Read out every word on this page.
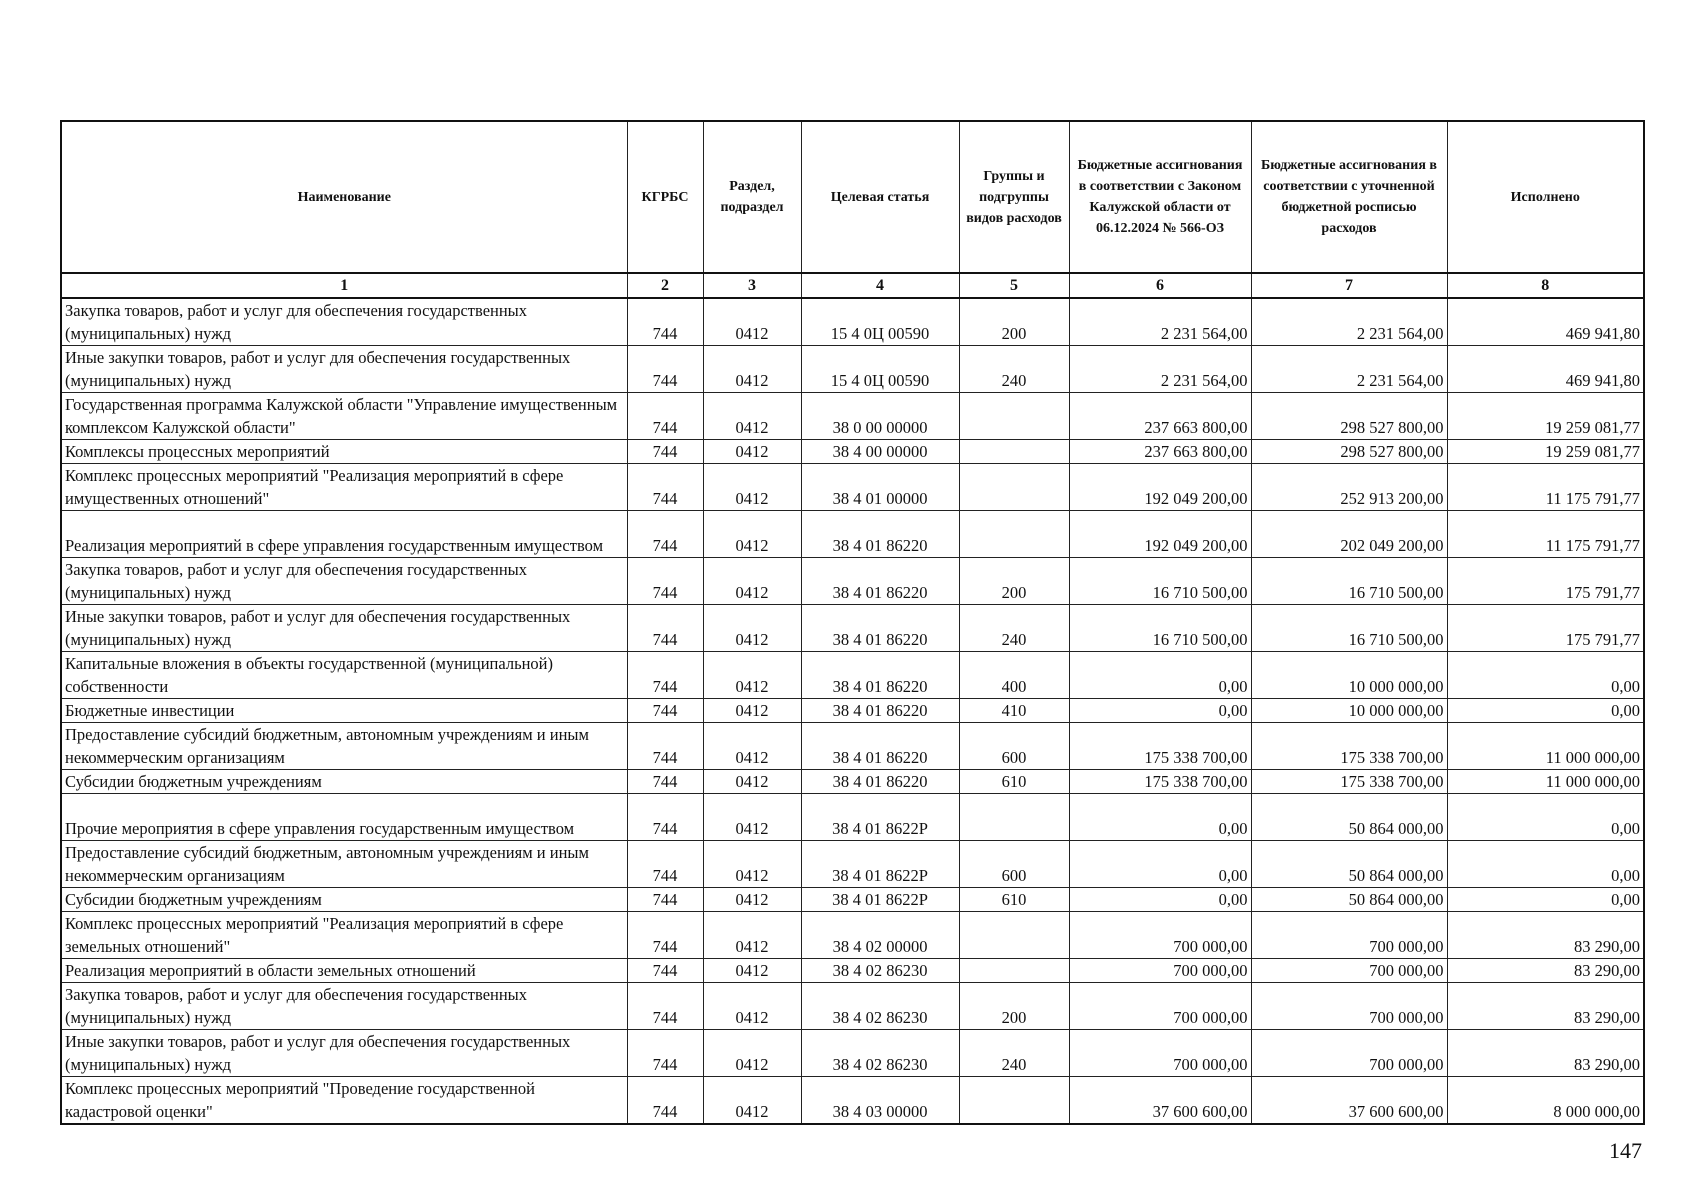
Наименование	КГРБС	Раздел, подраздел	Целевая статья	Группы и подгруппы видов расходов	Бюджетные ассигнования в соответствии с Законом Калужской области от 06.12.2024 № 566-ОЗ	Бюджетные ассигнования в соответствии с уточненной бюджетной росписью расходов	Исполнено
1	2	3	4	5	6	7	8
Закупка товаров, работ и услуг для обеспечения государственных (муниципальных) нужд	744	0412	15 4 0Ц 00590	200	2 231 564,00	2 231 564,00	469 941,80
Иные закупки товаров, работ и услуг для обеспечения государственных (муниципальных) нужд	744	0412	15 4 0Ц 00590	240	2 231 564,00	2 231 564,00	469 941,80
Государственная программа Калужской области "Управление имущественным комплексом Калужской области"	744	0412	38 0 00 00000		237 663 800,00	298 527 800,00	19 259 081,77
Комплексы процессных мероприятий	744	0412	38 4 00 00000		237 663 800,00	298 527 800,00	19 259 081,77
Комплекс процессных мероприятий "Реализация мероприятий в сфере имущественных отношений"	744	0412	38 4 01 00000		192 049 200,00	252 913 200,00	11 175 791,77
Реализация мероприятий в сфере управления государственным имуществом	744	0412	38 4 01 86220		192 049 200,00	202 049 200,00	11 175 791,77
Закупка товаров, работ и услуг для обеспечения государственных (муниципальных) нужд	744	0412	38 4 01 86220	200	16 710 500,00	16 710 500,00	175 791,77
Иные закупки товаров, работ и услуг для обеспечения государственных (муниципальных) нужд	744	0412	38 4 01 86220	240	16 710 500,00	16 710 500,00	175 791,77
Капитальные вложения в объекты государственной (муниципальной) собственности	744	0412	38 4 01 86220	400	0,00	10 000 000,00	0,00
Бюджетные инвестиции	744	0412	38 4 01 86220	410	0,00	10 000 000,00	0,00
Предоставление субсидий бюджетным, автономным учреждениям и иным некоммерческим организациям	744	0412	38 4 01 86220	600	175 338 700,00	175 338 700,00	11 000 000,00
Субсидии бюджетным учреждениям	744	0412	38 4 01 86220	610	175 338 700,00	175 338 700,00	11 000 000,00
Прочие мероприятия в сфере управления государственным имуществом	744	0412	38 4 01 8622Р		0,00	50 864 000,00	0,00
Предоставление субсидий бюджетным, автономным учреждениям и иным некоммерческим организациям	744	0412	38 4 01 8622Р	600	0,00	50 864 000,00	0,00
Субсидии бюджетным учреждениям	744	0412	38 4 01 8622Р	610	0,00	50 864 000,00	0,00
Комплекс процессных мероприятий "Реализация мероприятий в сфере земельных отношений"	744	0412	38 4 02 00000		700 000,00	700 000,00	83 290,00
Реализация мероприятий в области земельных отношений	744	0412	38 4 02 86230		700 000,00	700 000,00	83 290,00
Закупка товаров, работ и услуг для обеспечения государственных (муниципальных) нужд	744	0412	38 4 02 86230	200	700 000,00	700 000,00	83 290,00
Иные закупки товаров, работ и услуг для обеспечения государственных (муниципальных) нужд	744	0412	38 4 02 86230	240	700 000,00	700 000,00	83 290,00
Комплекс процессных мероприятий "Проведение государственной кадастровой оценки"	744	0412	38 4 03 00000		37 600 600,00	37 600 600,00	8 000 000,00
147
